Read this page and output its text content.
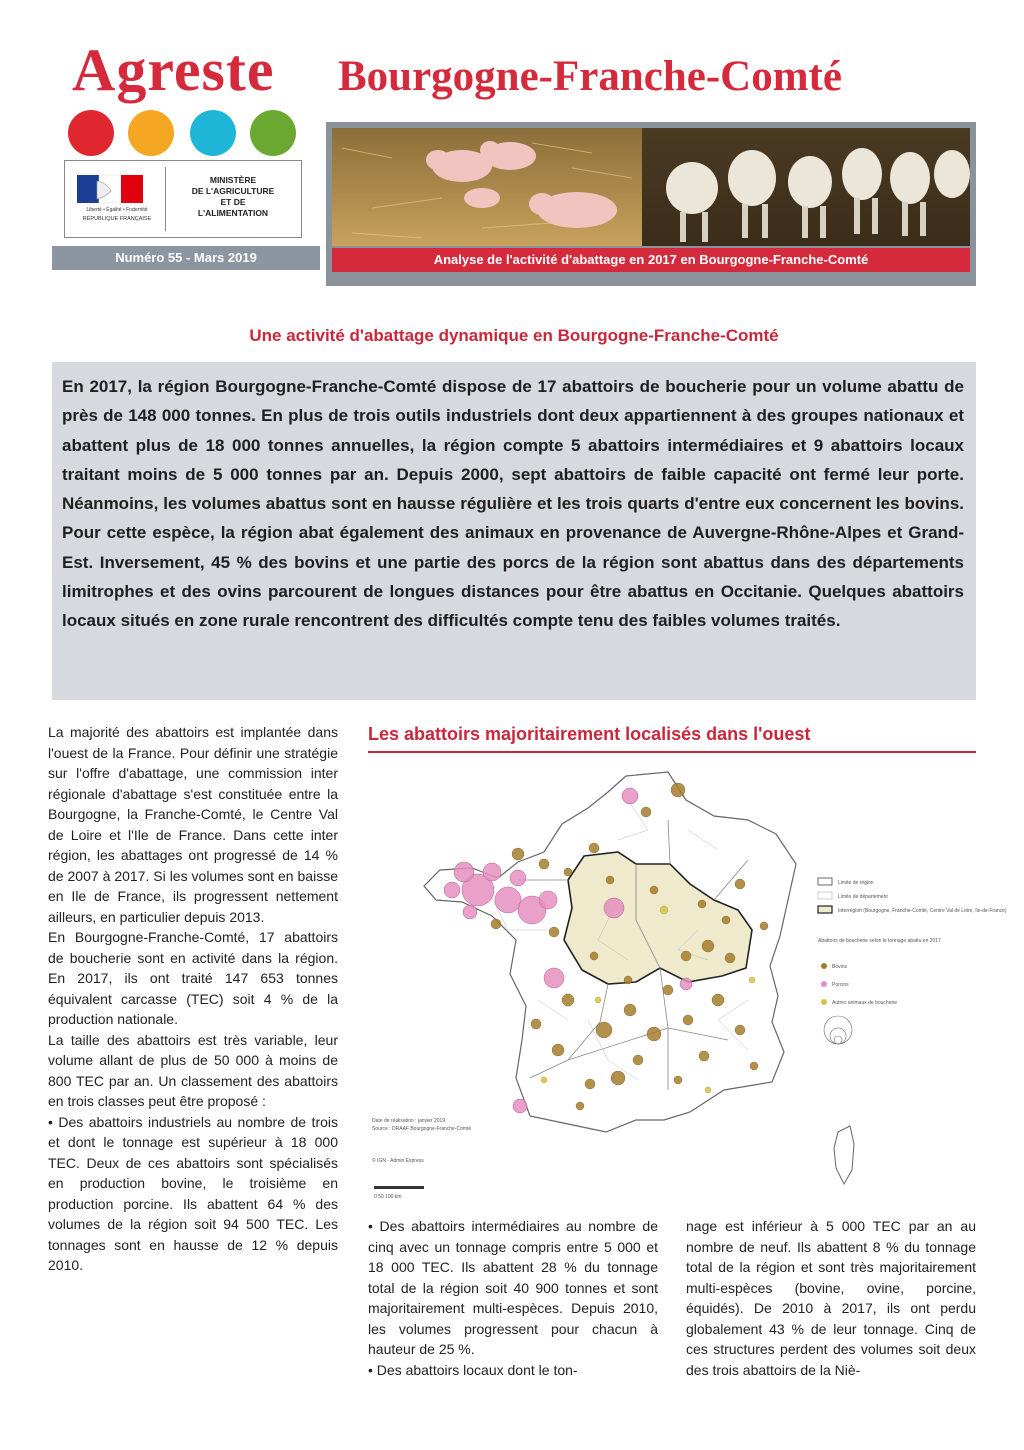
Agreste Bourgogne-Franche-Comté
Liberté • Égalité • Fraternité
RÉPUBLIQUE FRANÇAISE
MINISTÈRE
DE L'AGRICULTURE
ET DE
L'ALIMENTATION
Numéro 55 - Mars 2019	Analyse de l'activité d'abattage en 2017 en Bourgogne-Franche-Comté
Une activité d'abattage dynamique en Bourgogne-Franche-Comté
En 2017, la région Bourgogne-Franche-Comté dispose de 17 abattoirs de boucherie pour un volume abattu de près de 148 000 tonnes. En plus de trois outils industriels dont deux appartiennent à des groupes nationaux et abattent plus de 18 000 tonnes annuelles, la région compte 5 abattoirs intermédiaires et 9 abattoirs locaux traitant moins de 5 000 tonnes par an. Depuis 2000, sept abattoirs de faible capacité ont fermé leur porte. Néanmoins, les volumes abattus sont en hausse régulière et les trois quarts d'entre eux concernent les bovins. Pour cette espèce, la région abat également des animaux en provenance de Auvergne-Rhône-Alpes et Grand-Est. Inversement, 45 % des bovins et une partie des porcs de la région sont abattus dans des départements limitrophes et des ovins parcourent de longues distances pour être abattus en Occitanie. Quelques abattoirs locaux situés en zone rurale rencontrent des difficultés compte tenu des faibles volumes traités.

La majorité des abattoirs est implantée dans l'ouest de la France. Pour définir une stratégie sur l'offre d'abattage, une commission inter régionale d'abattage s'est constituée entre la Bourgogne, la Franche-Comté, le Centre Val de Loire et l'Ile de France. Dans cette inter région, les abattages ont progressé de 14 % de 2007 à 2017. Si les volumes sont en baisse en Ile de France, ils progressent nettement ailleurs, en particulier depuis 2013.

En Bourgogne-Franche-Comté, 17 abattoirs de boucherie sont en activité dans la région. En 2017, ils ont traité 147 653 tonnes équivalent carcasse (TEC) soit 4 % de la production nationale.

La taille des abattoirs est très variable, leur volume allant de plus de 50 000 à moins de 800 TEC par an. Un classement des abattoirs en trois classes peut être proposé :

• Des abattoirs industriels au nombre de trois et dont le tonnage est supérieur à 18 000 TEC. Deux de ces abattoirs sont spécialisés en production bovine, le troisième en production porcine. Ils abattent 64 % des volumes de la région soit 94 500 TEC. Les tonnages sont en hausse de 12 % depuis 2010.

Les abattoirs majoritairement localisés dans l'ouest
Limite de région
Limite de département
Interrégion (Bourgogne, Franche-Comté, Centre Val de Loire, Ile-de-France)
Abattoirs de boucherie selon le tonnage abattu en 2017
Bovins
Porcins
Autres animaux de boucherie
Date de réalisation : janvier 2019
Source : DRAAF Bourgogne-Franche-Comté
© IGN - Admin Express
0 50 100 km

• Des abattoirs intermédiaires au nombre de cinq avec un tonnage compris entre 5 000 et 18 000 TEC. Ils abattent 28 % du tonnage total de la région soit 40 900 tonnes et sont majoritairement multi-espèces. Depuis 2010, les volumes progressent pour chacun à hauteur de 25 %.

• Des abattoirs locaux dont le ton-

nage est inférieur à 5 000 TEC par an au nombre de neuf. Ils abattent 8 % du tonnage total de la région et sont très majoritairement multi-espèces (bovine, ovine, porcine, équidés). De 2010 à 2017, ils ont perdu globalement 43 % de leur tonnage. Cinq de ces structures perdent des volumes soit deux des trois abattoirs de la Niè-
